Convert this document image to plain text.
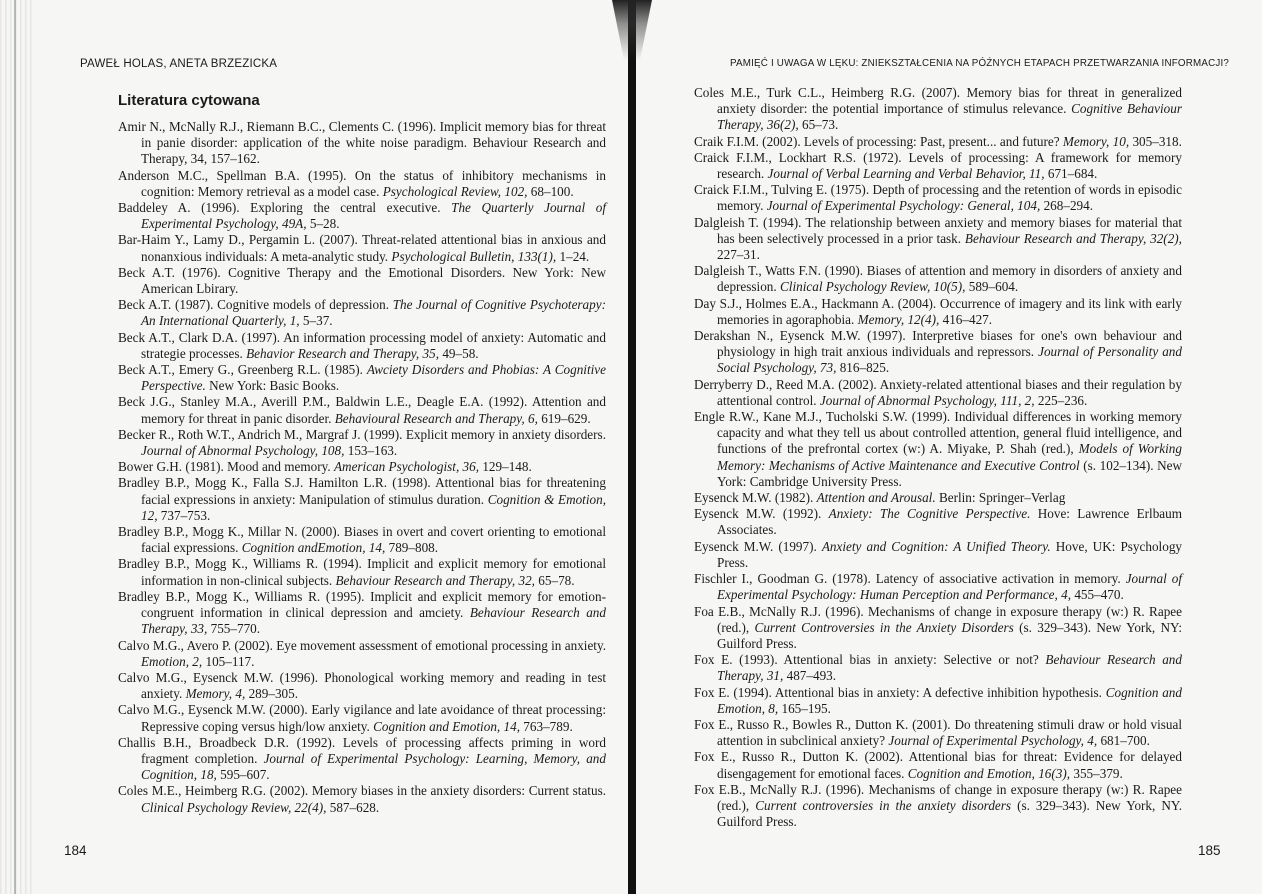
PAWEŁ HOLAS, ANETA BRZEZICKA
Literatura cytowana
Amir N., McNally R.J., Riemann B.C., Clements C. (1996). Implicit memory bias for threat in panie disorder: application of the white noise paradigm. Behaviour Research and Therapy, 34, 157–162.
Anderson M.C., Spellman B.A. (1995). On the status of inhibitory mechanisms in cognition: Memory retrieval as a model case. Psychological Review, 102, 68–100.
Baddeley A. (1996). Exploring the central executive. The Quarterly Journal of Experimental Psychology, 49A, 5–28.
Bar-Haim Y., Lamy D., Pergamin L. (2007). Threat-related attentional bias in anxious and nonanxious individuals: A meta-analytic study. Psychological Bulletin, 133(1), 1–24.
Beck A.T. (1976). Cognitive Therapy and the Emotional Disorders. New York: New American Lbirary.
Beck A.T. (1987). Cognitive models of depression. The Journal of Cognitive Psychoterapy: An International Quarterly, 1, 5–37.
Beck A.T., Clark D.A. (1997). An information processing model of anxiety: Automatic and strategie processes. Behavior Research and Therapy, 35, 49–58.
Beck A.T., Emery G., Greenberg R.L. (1985). Awciety Disorders and Phobias: A Cognitive Perspective. New York: Basic Books.
Beck J.G., Stanley M.A., Averill P.M., Baldwin L.E., Deagle E.A. (1992). Attention and memory for threat in panic disorder. Behavioural Research and Therapy, 6, 619–629.
Becker R., Roth W.T., Andrich M., Margraf J. (1999). Explicit memory in anxiety disorders. Journal of Abnormal Psychology, 108, 153–163.
Bower G.H. (1981). Mood and memory. American Psychologist, 36, 129–148.
Bradley B.P., Mogg K., Falla S.J. Hamilton L.R. (1998). Attentional bias for threatening facial expressions in anxiety: Manipulation of stimulus duration. Cognition & Emotion, 12, 737–753.
Bradley B.P., Mogg K., Millar N. (2000). Biases in overt and covert orienting to emotional facial expressions. Cognition andEmotion, 14, 789–808.
Bradley B.P., Mogg K., Williams R. (1994). Implicit and explicit memory for emotional information in non-clinical subjects. Behaviour Research and Therapy, 32, 65–78.
Bradley B.P., Mogg K., Williams R. (1995). Implicit and explicit memory for emotion-congruent information in clinical depression and amciety. Behaviour Research and Therapy, 33, 755–770.
Calvo M.G., Avero P. (2002). Eye movement assessment of emotional processing in anxiety. Emotion, 2, 105–117.
Calvo M.G., Eysenck M.W. (1996). Phonological working memory and reading in test anxiety. Memory, 4, 289–305.
Calvo M.G., Eysenck M.W. (2000). Early vigilance and late avoidance of threat processing: Repressive coping versus high/low anxiety. Cognition and Emotion, 14, 763–789.
Challis B.H., Broadbeck D.R. (1992). Levels of processing affects priming in word fragment completion. Journal of Experimental Psychology: Learning, Memory, and Cognition, 18, 595–607.
Coles M.E., Heimberg R.G. (2002). Memory biases in the anxiety disorders: Current status. Clinical Psychology Review, 22(4), 587–628.
184
PAMIĘĆ I UWAGA W LĘKU: ZNIEKSZTAŁCENIA NA PÓŹNYCH ETAPACH PRZETWARZANIA INFORMACJI?
Coles M.E., Turk C.L., Heimberg R.G. (2007). Memory bias for threat in generalized anxiety disorder: the potential importance of stimulus relevance. Cognitive Behaviour Therapy, 36(2), 65–73.
Craik F.I.M. (2002). Levels of processing: Past, present... and future? Memory, 10, 305–318.
Craick F.I.M., Lockhart R.S. (1972). Levels of processing: A framework for memory research. Journal of Verbal Learning and Verbal Behavior, 11, 671–684.
Craick F.I.M., Tulving E. (1975). Depth of processing and the retention of words in episodic memory. Journal of Experimental Psychology: General, 104, 268–294.
Dalgleish T. (1994). The relationship between anxiety and memory biases for material that has been selectively processed in a prior task. Behaviour Research and Therapy, 32(2), 227–31.
Dalgleish T., Watts F.N. (1990). Biases of attention and memory in disorders of anxiety and depression. Clinical Psychology Review, 10(5), 589–604.
Day S.J., Holmes E.A., Hackmann A. (2004). Occurrence of imagery and its link with early memories in agoraphobia. Memory, 12(4), 416–427.
Derakshan N., Eysenck M.W. (1997). Interpretive biases for one's own behaviour and physiology in high trait anxious individuals and repressors. Journal of Personality and Social Psychology, 73, 816–825.
Derryberry D., Reed M.A. (2002). Anxiety-related attentional biases and their regulation by attentional control. Journal of Abnormal Psychology, 111, 2, 225–236.
Engle R.W., Kane M.J., Tucholski S.W. (1999). Individual differences in working memory capacity and what they tell us about controlled attention, general fluid intelligence, and functions of the prefrontal cortex (w:) A. Miyake, P. Shah (red.), Models of Working Memory: Mechanisms of Active Maintenance and Executive Control (s. 102–134). New York: Cambridge University Press.
Eysenck M.W. (1982). Attention and Arousal. Berlin: Springer–Verlag
Eysenck M.W. (1992). Anxiety: The Cognitive Perspective. Hove: Lawrence Erlbaum Associates.
Eysenck M.W. (1997). Anxiety and Cognition: A Unified Theory. Hove, UK: Psychology Press.
Fischler I., Goodman G. (1978). Latency of associative activation in memory. Journal of Experimental Psychology: Human Perception and Performance, 4, 455–470.
Foa E.B., McNally R.J. (1996). Mechanisms of change in exposure therapy (w:) R. Rapee (red.), Current Controversies in the Anxiety Disorders (s. 329–343). New York, NY: Guilford Press.
Fox E. (1993). Attentional bias in anxiety: Selective or not? Behaviour Research and Therapy, 31, 487–493.
Fox E. (1994). Attentional bias in anxiety: A defective inhibition hypothesis. Cognition and Emotion, 8, 165–195.
Fox E., Russo R., Bowles R., Dutton K. (2001). Do threatening stimuli draw or hold visual attention in subclinical anxiety? Journal of Experimental Psychology, 4, 681–700.
Fox E., Russo R., Dutton K. (2002). Attentional bias for threat: Evidence for delayed disengagement for emotional faces. Cognition and Emotion, 16(3), 355–379.
Fox E.B., McNally R.J. (1996). Mechanisms of change in exposure therapy (w:) R. Rapee (red.), Current controversies in the anxiety disorders (s. 329–343). New York, NY. Guilford Press.
185
